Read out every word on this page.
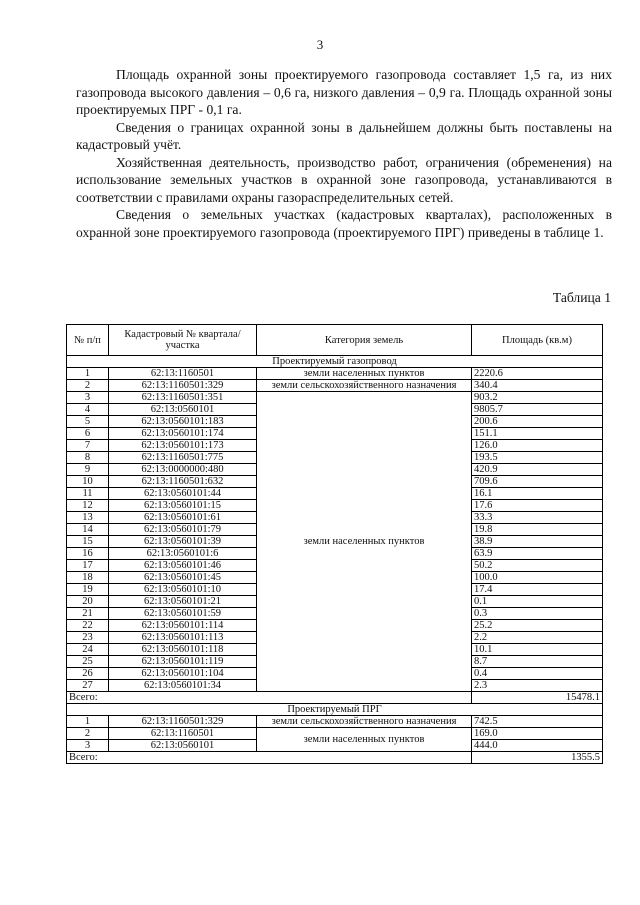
3

Площадь охранной зоны проектируемого газопровода составляет 1,5 га, из них газопровода высокого давления – 0,6 га, низкого давления – 0,9 га. Площадь охранной зоны проектируемых ПРГ - 0,1 га.

Сведения о границах охранной зоны в дальнейшем должны быть поставлены на кадастровый учёт.

Хозяйственная деятельность, производство работ, ограничения (обременения) на использование земельных участков в охранной зоне газопровода, устанавливаются в соответствии с правилами охраны газораспределительных сетей.

Сведения о земельных участках (кадастровых кварталах), расположенных в охранной зоне проектируемого газопровода (проектируемого ПРГ) приведены в таблице 1.

Таблица 1
№ п/п	Кадастровый № квартала/участка	Категория земель	Площадь (кв.м)
Проектируемый газопровод			
1	62:13:1160501	земли населенных пунктов	2220.6
2	62:13:1160501:329	земли сельскохозяйственного назначения	340.4
3	62:13:1160501:351	земли населенных пунктов	903.2
4	62:13:0560101		9805.7
5	62:13:0560101:183		200.6
6	62:13:0560101:174		151.1
7	62:13:0560101:173		126.0
8	62:13:1160501:775		193.5
9	62:13:0000000:480		420.9
10	62:13:1160501:632		709.6
11	62:13:0560101:44		16.1
12	62:13:0560101:15		17.6
13	62:13:0560101:61		33.3
14	62:13:0560101:79		19.8
15	62:13:0560101:39		38.9
16	62:13:0560101:6		63.9
17	62:13:0560101:46		50.2
18	62:13:0560101:45		100.0
19	62:13:0560101:10		17.4
20	62:13:0560101:21		0.1
21	62:13:0560101:59		0.3
22	62:13:0560101:114		25.2
23	62:13:0560101:113		2.2
24	62:13:0560101:118		10.1
25	62:13:0560101:119		8.7
26	62:13:0560101:104		0.4
27	62:13:0560101:34		2.3
Всего:			15478.1
Проектируемый ПРГ			
1	62:13:1160501:329	земли сельскохозяйственного назначения	742.5
2	62:13:1160501	земли населенных пунктов	169.0
3	62:13:0560101		444.0
Всего:			1355.5
